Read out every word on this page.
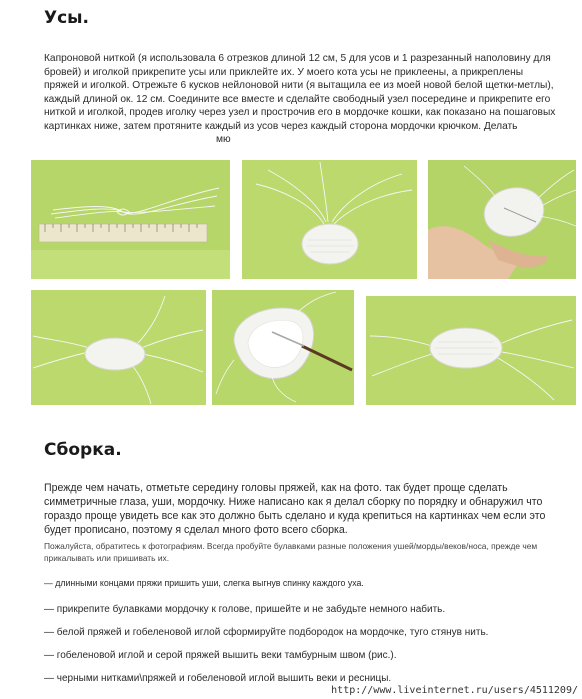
Усы.
Капроновой ниткой (я использовала 6 отрезков длиной 12 см, 5 для усов и 1 разрезанный наполовину для бровей) и иголкой прикрепите усы или приклейте их. У моего кота усы не приклеены, а прикреплены пряжей и иголкой. Отрежьте 6 кусков нейлоновой нити (я вытащила ее из моей новой белой щетки-метлы), каждый длиной ок. 12 см. Соедините все вместе и сделайте свободный узел посередине и прикрепите его ниткой и иголкой, продев иголку через узел и прострочив его в мордочке кошки, как показано на пошаговых картинках ниже, затем протяните каждый из усов через каждый сторона мордочки крючком. Делать
мю
Сборка.
Прежде чем начать, отметьте середину головы пряжей, как на фото. так будет проще сделать симметричные глаза, уши, мордочку. Ниже написано как я делал сборку по порядку и обнаружил что гораздо проще увидеть все как это должно быть сделано и куда крепиться на картинках чем если это будет прописано, поэтому я сделал много фото всего сборка.
Пожалуйста, обратитесь к фотографиям. Всегда пробуйте булавками разные положения ушей/морды/веков/носа, прежде чем прикалывать или пришивать их.
— длинными концами пряжи пришить уши, слегка выгнув спинку каждого уха.
— прикрепите булавками мордочку к голове, пришейте и не забудьте немного набить.
— белой пряжей и гобеленовой иглой сформируйте подбородок на мордочке, туго стянув нить.
— гобеленовой иглой и серой пряжей вышить веки тамбурным швом (рис.).
— черными нитками\пряжей и гобеленовой иглой вышить веки и ресницы.
http://www.liveinternet.ru/users/4511209/
